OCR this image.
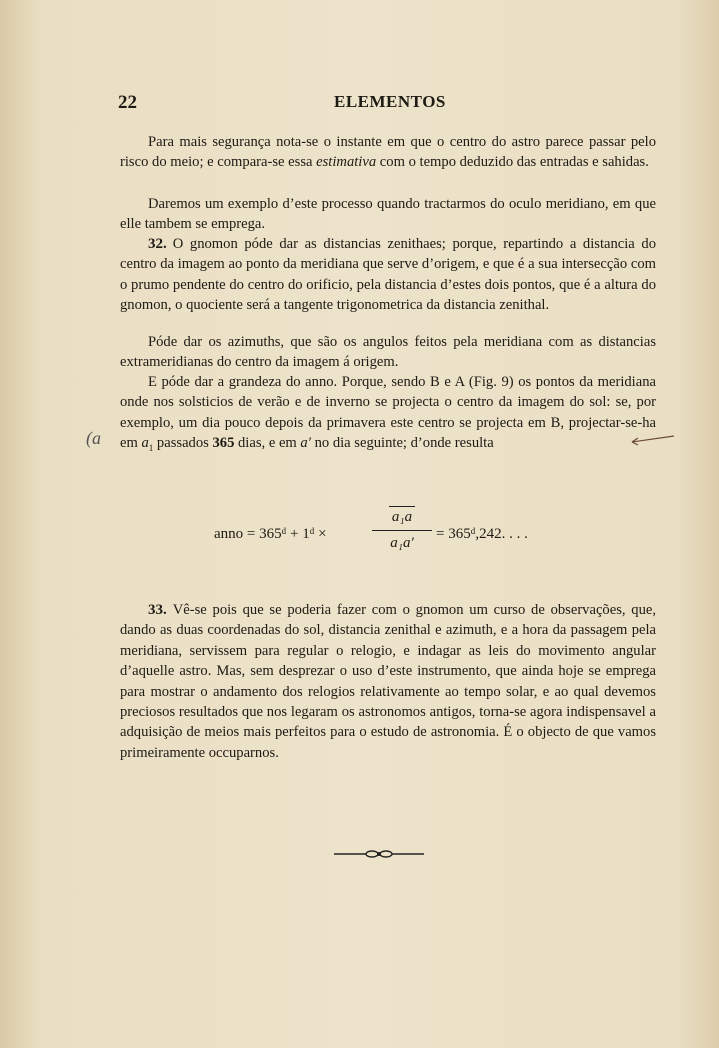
22	ELEMENTOS

Para mais segurança nota-se o instante em que o centro do astro parece passar pelo risco do meio; e compara-se essa estimativa com o tempo deduzido das entradas e sahidas.

Daremos um exemplo d’este processo quando tractarmos do oculo meridiano, em que elle tambem se emprega.

32. O gnomon póde dar as distancias zenithaes; porque, repartindo a distancia do centro da imagem ao ponto da meridiana que serve d’origem, e que é a sua intersecção com o prumo pendente do centro do orificio, pela distancia d’estes dois pontos, que é a altura do gnomon, o quociente será a tangente trigonometrica da distancia zenithal.

Póde dar os azimuths, que são os angulos feitos pela meridiana com as distancias extrameridianas do centro da imagem á origem.

E póde dar a grandeza do anno. Porque, sendo B e A (Fig. 9) os pontos da meridiana onde nos solsticios de verão e de inverno se projecta o centro da imagem do sol: se, por exemplo, um dia pouco depois da primavera este centro se projecta em B, projectar-se-ha em $a_1$ passados 365 dias, e em a′ no dia seguinte; d’onde resulta

anno = 365ᵈ + 1ᵈ ×
a₁a
a₁a′
= 365ᵈ,242. . . .

33. Vê-se pois que se poderia fazer com o gnomon um curso de observações, que, dando as duas coordenadas do sol, distancia zenithal e azimuth, e a hora da passagem pela meridiana, servissem para regular o relogio, e indagar as leis do movimento angular d’aquelle astro. Mas, sem desprezar o uso d’este instrumento, que ainda hoje se emprega para mostrar o andamento dos relogios relativamente ao tempo solar, e ao qual devemos preciosos resultados que nos legaram os astronomos antigos, torna-se agora indispensavel a adquisição de meios mais perfeitos para o estudo de astronomia. É o objecto de que vamos primeiramente occuparnos.

(a
